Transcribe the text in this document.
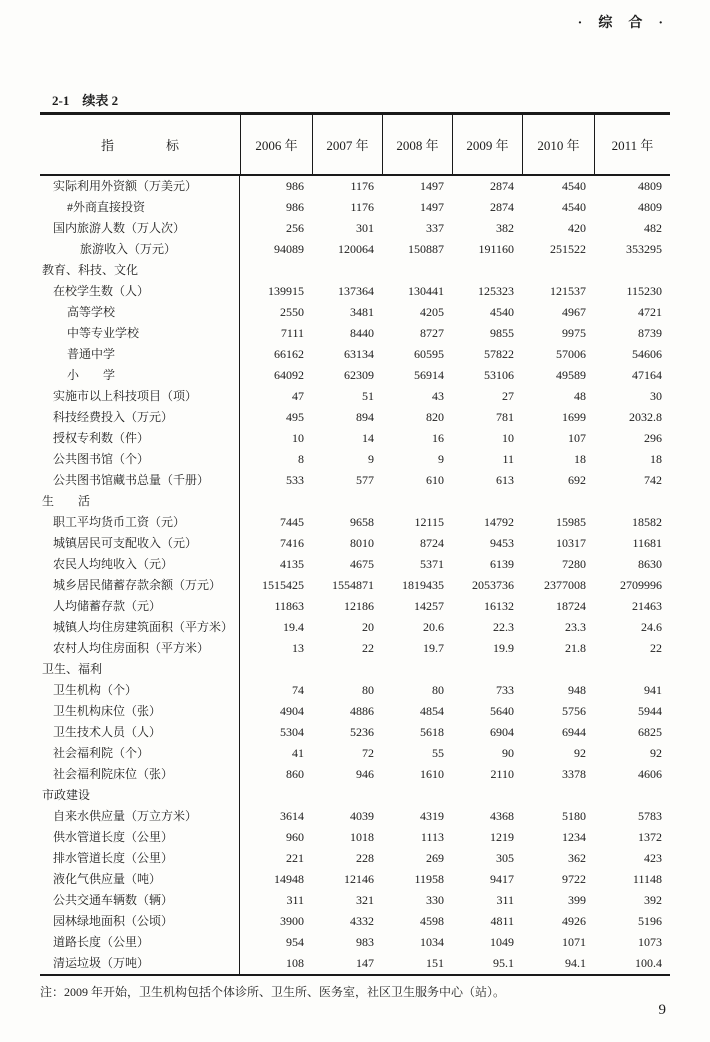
·　综　合　·
2-1　续表 2
指　　　　标	2006 年	2007 年	2008 年	2009 年	2010 年	2011 年
实际利用外资额（万美元）	986	1176	1497	2874	4540	4809
#外商直接投资	986	1176	1497	2874	4540	4809
国内旅游人数（万人次）	256	301	337	382	420	482
旅游收入（万元）	94089	120064	150887	191160	251522	353295
教育、科技、文化
在校学生数（人）	139915	137364	130441	125323	121537	115230
高等学校	2550	3481	4205	4540	4967	4721
中等专业学校	7111	8440	8727	9855	9975	8739
普通中学	66162	63134	60595	57822	57006	54606
小　　学	64092	62309	56914	53106	49589	47164
实施市以上科技项目（项）	47	51	43	27	48	30
科技经费投入（万元）	495	894	820	781	1699	2032.8
授权专利数（件）	10	14	16	10	107	296
公共图书馆（个）	8	9	9	11	18	18
公共图书馆藏书总量（千册）	533	577	610	613	692	742
生　　活
职工平均货币工资（元）	7445	9658	12115	14792	15985	18582
城镇居民可支配收入（元）	7416	8010	8724	9453	10317	11681
农民人均纯收入（元）	4135	4675	5371	6139	7280	8630
城乡居民储蓄存款余额（万元）	1515425	1554871	1819435	2053736	2377008	2709996
人均储蓄存款（元）	11863	12186	14257	16132	18724	21463
城镇人均住房建筑面积（平方米）	19.4	20	20.6	22.3	23.3	24.6
农村人均住房面积（平方米）	13	22	19.7	19.9	21.8	22
卫生、福利
卫生机构（个）	74	80	80	733	948	941
卫生机构床位（张）	4904	4886	4854	5640	5756	5944
卫生技术人员（人）	5304	5236	5618	6904	6944	6825
社会福利院（个）	41	72	55	90	92	92
社会福利院床位（张）	860	946	1610	2110	3378	4606
市政建设
自来水供应量（万立方米）	3614	4039	4319	4368	5180	5783
供水管道长度（公里）	960	1018	1113	1219	1234	1372
排水管道长度（公里）	221	228	269	305	362	423
液化气供应量（吨）	14948	12146	11958	9417	9722	11148
公共交通车辆数（辆）	311	321	330	311	399	392
园林绿地面积（公顷）	3900	4332	4598	4811	4926	5196
道路长度（公里）	954	983	1034	1049	1071	1073
清运垃圾（万吨）	108	147	151	95.1	94.1	100.4
注：2009 年开始，卫生机构包括个体诊所、卫生所、医务室，社区卫生服务中心（站）。
9
